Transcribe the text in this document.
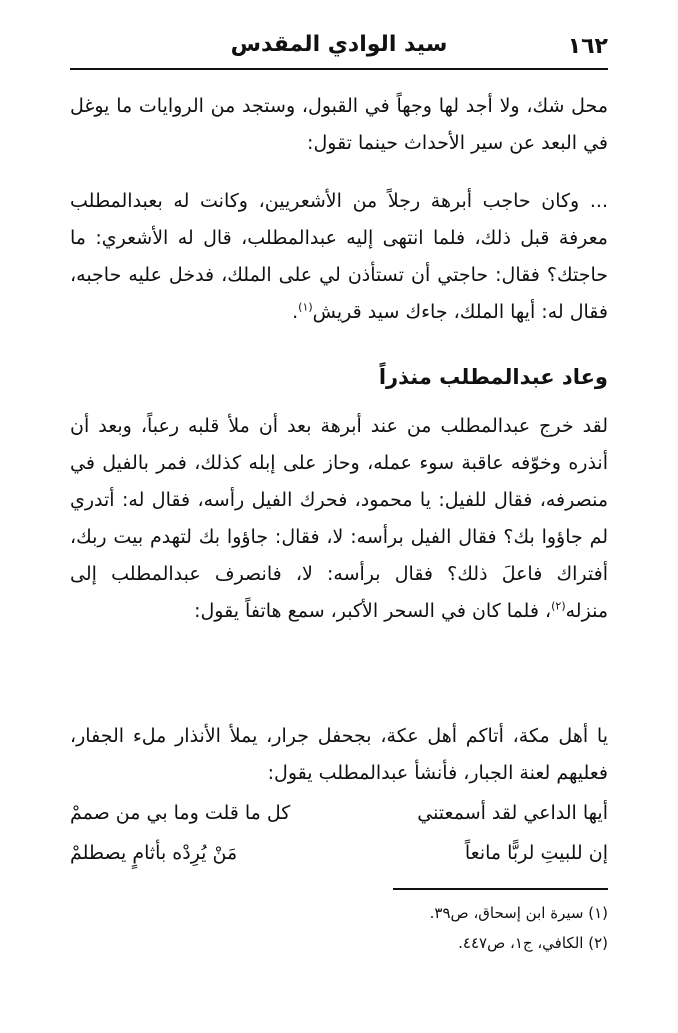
١٦٢
سيد الوادي المقدس

محل شك، ولا أجد لها وجهاً في القبول، وستجد من الروايات ما يوغل في البعد عن سير الأحداث حينما تقول:

... وكان حاجب أبرهة رجلاً من الأشعريين، وكانت له بعبدالمطلب معرفة قبل ذلك، فلما انتهى إليه عبدالمطلب، قال له الأشعري: ما حاجتك؟ فقال: حاجتي أن تستأذن لي على الملك، فدخل عليه حاجبه، فقال له: أيها الملك، جاءك سيد قريش$^{(١)}$.

وعاد عبدالمطلب منذراً

لقد خرج عبدالمطلب من عند أبرهة بعد أن ملأ قلبه رعباً، وبعد أن أنذره وخوّفه عاقبة سوء عمله، وحاز على إبله كذلك، فمر بالفيل في منصرفه، فقال للفيل: يا محمود، فحرك الفيل رأسه، فقال له: أتدري لم جاؤوا بك؟ فقال الفيل برأسه: لا، فقال: جاؤوا بك لتهدم بيت ربك، أفتراك فاعلَ ذلك؟ فقال برأسه: لا، فانصرف عبدالمطلب إلى منزله$^{(٢)}$، فلما كان في السحر الأكبر، سمع هاتفاً يقول:

يا أهل مكة، أتاكم أهل عكة، بجحفل جرار، يملأ الأنذار ملء الجفار، فعليهم لعنة الجبار، فأنشأ عبدالمطلب يقول:

أيها الداعي لقد أسمعتني
كل ما قلت وما بي من صممْ
إن للبيتِ لربًّا مانعاً
مَنْ يُرِدْه بأثامٍ يصطلمْ
(١) سيرة ابن إسحاق، ص٣٩.
(٢) الكافي، ج١، ص٤٤٧.
